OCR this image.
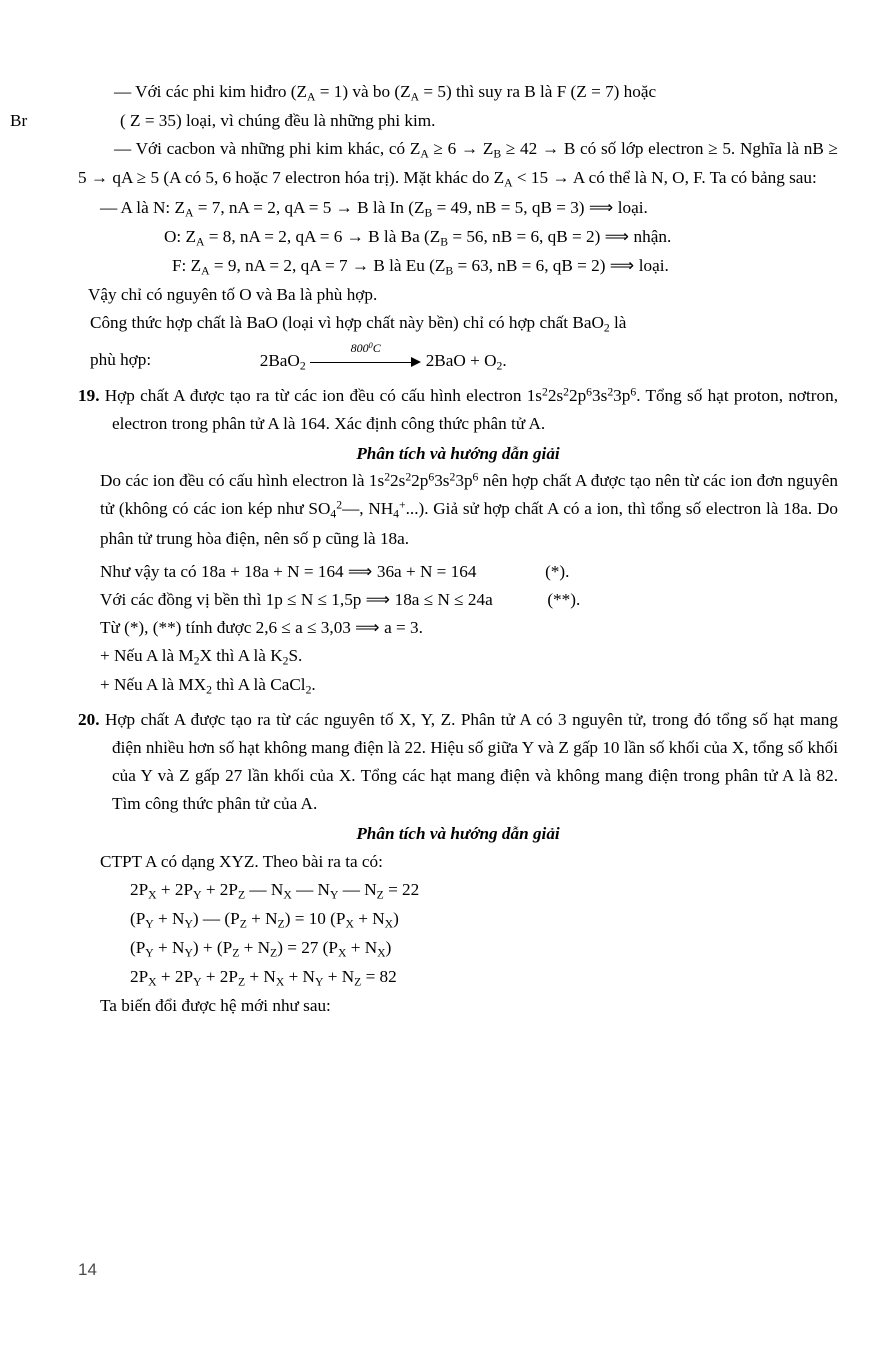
— Với các phi kim hiđro $(Z_A = 1)$ và bo $(Z_A = 5)$ thì suy ra B là F (Z = 7) hoặc

Br	( Z = 35) loại, vì chúng đều là những phi kim.

— Với cacbon và những phi kim khác, có $Z_A \ge 6 \to Z_B \ge 42 \to B$ có số lớp electron ≥ 5. Nghĩa là nB ≥ 5 → qA ≥ 5 (A có 5, 6 hoặc 7 electron hóa trị). Mặt khác do $Z_A < 15 \to A$ có thể là N, O, F. Ta có bảng sau:

— A là N: $Z_A = 7$, nA = 2, qA = 5 → B là In ($Z_B = 49$, nB = 5, qB = 3) ⟹ loại.

O: $Z_A = 8$, nA = 2, qA = 6 → B là Ba ($Z_B = 56$, nB = 6, qB = 2) ⟹ nhận.

F: $Z_A = 9$, nA = 2, qA = 7 → B là Eu ($Z_B = 63$, nB = 6, qB = 2) ⟹ loại.

Vậy chỉ có nguyên tố O và Ba là phù hợp.

Công thức hợp chất là BaO (loại vì hợp chất này bền) chỉ có hợp chất BaO$_2$ là

phù hợp:	2BaO$_2$
$800^0C$
$2BaO + O_2$.

19. Hợp chất A được tạo ra từ các ion đều có cấu hình electron $1s^22s^22p^63s^23p^6$. Tổng số hạt proton, nơtron, electron trong phân tử A là 164. Xác định công thức phân tử A.

Phân tích và hướng dẫn giải

Do các ion đều có cấu hình electron là $1s^22s^22p^63s^23p^6$ nên hợp chất A được tạo nên từ các ion đơn nguyên tử (không có các ion kép như $SO_4^2—$, $NH_4^+$...). Giả sử hợp chất A có a ion, thì tổng số electron là 18a. Do phân tử trung hòa điện, nên số p cũng là 18a.

Như vậy ta có 18a + 18a + N = 164 ⟹ 36a + N = 164	(*).

Với các đồng vị bền thì 1p ≤ N ≤ 1,5p ⟹ 18a ≤ N ≤ 24a	(**).

Từ (*), (**) tính được 2,6 ≤ a ≤ 3,03 ⟹ a = 3.

+ Nếu A là $M_2X$ thì A là $K_2S$.

+ Nếu A là $MX_2$ thì A là CaCl$_2$.

20. Hợp chất A được tạo ra từ các nguyên tố X, Y, Z. Phân tử A có 3 nguyên tử, trong đó tổng số hạt mang điện nhiều hơn số hạt không mang điện là 22. Hiệu số giữa Y và Z gấp 10 lần số khối của X, tổng số khối của Y và Z gấp 27 lần khối của X. Tổng các hạt mang điện và không mang điện trong phân tử A là 82. Tìm công thức phân tử của A.

Phân tích và hướng dẫn giải

CTPT A có dạng XYZ. Theo bài ra ta có:

$2P_X + 2P_Y + 2P_Z$ — $N_X$ — $N_Y$ — $N_Z = 22$

$(P_Y + N_Y)$ — $(P_Z + N_Z) = 10$ $(P_X + N_X)$

$(P_Y + N_Y) + (P_Z + N_Z) = 27$ $(P_X + N_X)$

$2P_X + 2P_Y + 2P_Z + N_X + N_Y + N_Z = 82$

Ta biến đổi được hệ mới như sau:

14
